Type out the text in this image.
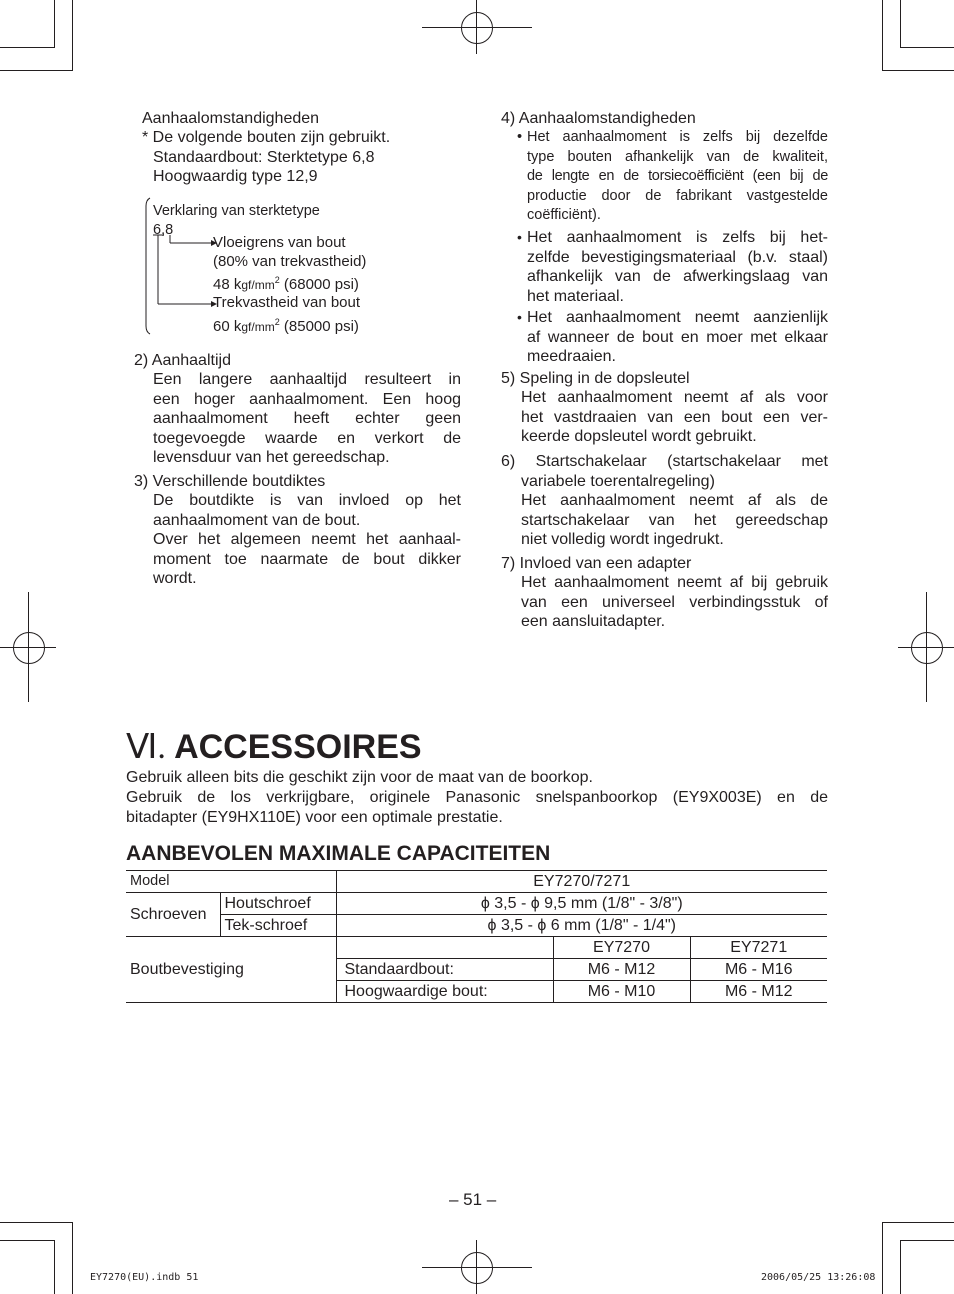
Aanhaalomstandigheden
* De volgende bouten zijn gebruikt.
Standaardbout: Sterktetype 6,8
Hoogwaardig type 12,9
Verklaring van sterktetype
6,8
Vloeigrens van bout
(80% van trekvastheid)
48 kgf/$mm^2$ (68000 psi)
Trekvastheid van bout
60 kgf/$mm^2$ (85000 psi)
2) Aanhaaltijd
Een langere aanhaaltijd resulteert in
een hoger aanhaalmoment. Een hoog
aanhaalmoment heeft echter geen
toegevoegde waarde en verkort de
levensduur van het gereedschap.
3) Verschillende boutdiktes
De boutdikte is van invloed op het
aanhaalmoment van de bout.
Over het algemeen neemt het aanhaal-
moment toe naarmate de bout dikker
wordt.
4) Aanhaalomstandigheden
• Het aanhaalmoment is zelfs bij dezelfde
type bouten afhankelijk van de kwaliteit,
de lengte en de torsiecoëfficiënt (een bij de
productie door de fabrikant vastgestelde
coëfficiënt).
• Het aanhaalmoment is zelfs bij het-
zelfde bevestigingsmateriaal (b.v. staal)
afhankelijk van de afwerkingslaag van
het materiaal.
• Het aanhaalmoment neemt aanzienlijk
af wanneer de bout en moer met elkaar
meedraaien.
5) Speling in de dopsleutel
Het aanhaalmoment neemt af als voor
het vastdraaien van een bout een ver-
keerde dopsleutel wordt gebruikt.
6) Startschakelaar (startschakelaar met
variabele toerentalregeling)
Het aanhaalmoment neemt af als de
startschakelaar van het gereedschap
niet volledig wordt ingedrukt.
7) Invloed van een adapter
Het aanhaalmoment neemt af bij gebruik
van een universeel verbindingsstuk of
een aansluitadapter.
Ⅵ. ACCESSOIRES
Gebruik alleen bits die geschikt zijn voor de maat van de boorkop.
Gebruik de los verkrijgbare, originele Panasonic snelspanboorkop (EY9X003E) en de
bitadapter (EY9HX110E) voor een optimale prestatie.
AANBEVOLEN MAXIMALE CAPACITEITEN
Model		EY7270/7271		
Schroeven	Houtschroef	ϕ 3,5 - ϕ 9,5 mm (1/8" - 3/8")		
	Tek-schroef	ϕ 3,5 - ϕ 6 mm (1/8" - 1/4")		
Boutbevestiging			EY7270	EY7271
		Standaardbout:	M6 - M12	M6 - M16
		Hoogwaardige bout:	M6 - M10	M6 - M12
– 51 –
EY7270(EU).indb 51	2006/05/25 13:26:08
